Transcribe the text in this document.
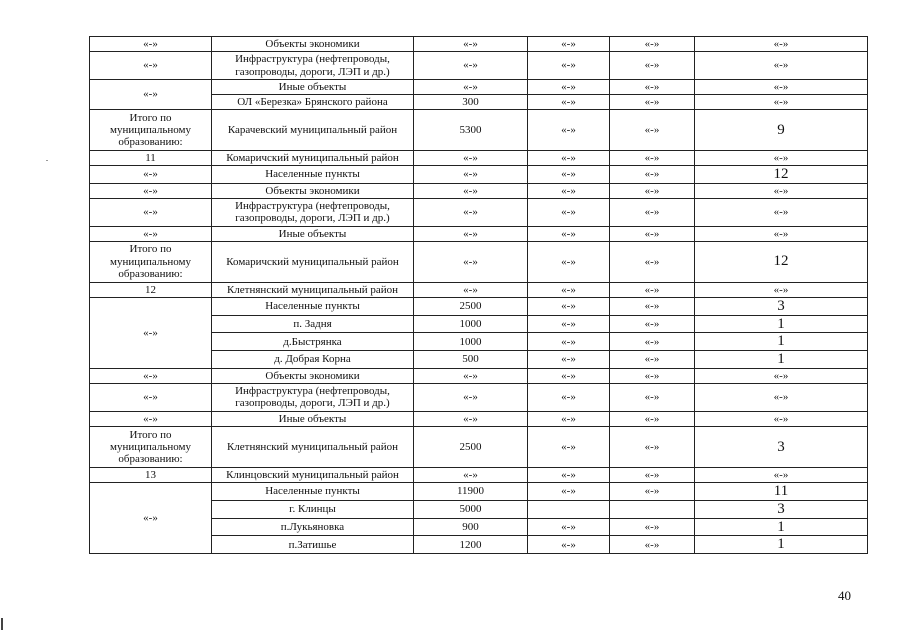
«-»	Объекты экономики	«-»	«-»	«-»	«-»
«-»	Инфраструктура (нефтепроводы, газопроводы, дороги, ЛЭП и др.)	«-»	«-»	«-»	«-»
«-»	Иные объекты	«-»	«-»	«-»	«-»
	ОЛ «Березка» Брянского района	300	«-»	«-»	«-»
Итого по муниципальному образованию:	Карачевский муниципальный район	5300	«-»	«-»	9
11	Комаричский муниципальный район	«-»	«-»	«-»	«-»
«-»	Населенные пункты	«-»	«-»	«-»	12
«-»	Объекты экономики	«-»	«-»	«-»	«-»
«-»	Инфраструктура (нефтепроводы, газопроводы, дороги, ЛЭП и др.)	«-»	«-»	«-»	«-»
«-»	Иные объекты	«-»	«-»	«-»	«-»
Итого по муниципальному образованию:	Комаричский муниципальный район	«-»	«-»	«-»	12
12	Клетнянский муниципальный район	«-»	«-»	«-»	«-»
«-»	Населенные пункты	2500	«-»	«-»	3
	п. Задня	1000	«-»	«-»	1
	д.Быстрянка	1000	«-»	«-»	1
	д. Добрая Корна	500	«-»	«-»	1
«-»	Объекты экономики	«-»	«-»	«-»	«-»
«-»	Инфраструктура (нефтепроводы, газопроводы, дороги, ЛЭП и др.)	«-»	«-»	«-»	«-»
«-»	Иные объекты	«-»	«-»	«-»	«-»
Итого по муниципальному образованию:	Клетнянский муниципальный район	2500	«-»	«-»	3
13	Клинцовский муниципальный район	«-»	«-»	«-»	«-»
«-»	Населенные пункты	11900	«-»	«-»	11
	г. Клинцы	5000			3
	п.Лукьяновка	900	«-»	«-»	1
	п.Затишье	1200	«-»	«-»	1
40
